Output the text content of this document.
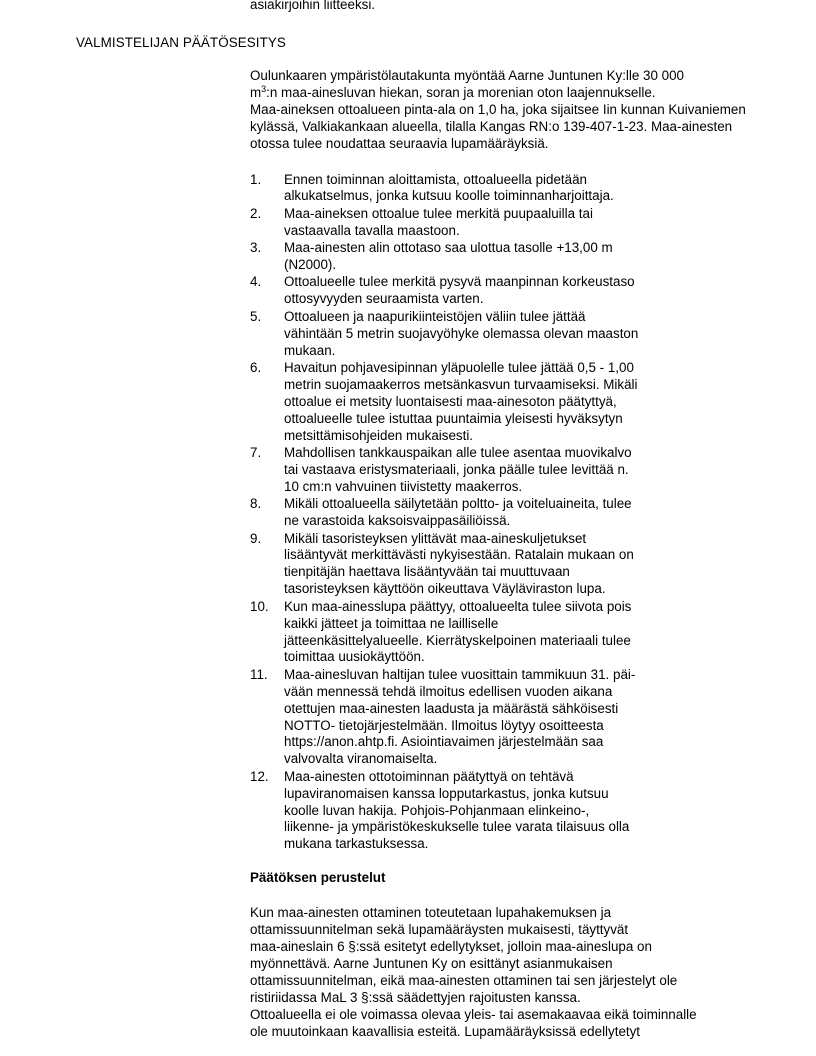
asiakirjoihin liitteeksi.
VALMISTELIJAN PÄÄTÖSESITYS

Oulunkaaren ympäristölautakunta myöntää Aarne Juntunen Ky:lle 30 000

$m^3:n$ maa-ainesluvan hiekan, soran ja morenian oton laajennukselle.

Maa-aineksen ottoalueen pinta-ala on 1,0 ha, joka sijaitsee Iin kunnan Kuivaniemen kylässä, Valkiakankaan alueella, tilalla Kangas RN:o 139-407-1-23. Maa-ainesten otossa tulee noudattaa seuraavia lupamääräyksiä.

1.	Ennen toiminnan aloittamista, ottoalueella pidetään
alkukatselmus, jonka kutsuu koolle toiminnanharjoittaja.
2.	Maa-aineksen ottoalue tulee merkitä puupaaluilla tai
vastaavalla tavalla maastoon.
3.	Maa-ainesten alin ottotaso saa ulottua tasolle +13,00 m
(N2000).
4.	Ottoalueelle tulee merkitä pysyvä maanpinnan korkeustaso
ottosyvyyden seuraamista varten.
5.	Ottoalueen ja naapurikiinteistöjen väliin tulee jättää
vähintään 5 metrin suojavyöhyke olemassa olevan maaston
mukaan.
6.	Havaitun pohjavesipinnan yläpuolelle tulee jättää 0,5 - 1,00
metrin suojamaakerros metsänkasvun turvaamiseksi. Mikäli
ottoalue ei metsity luontaisesti maa-ainesoton päätyttyä,
ottoalueelle tulee istuttaa puuntaimia yleisesti hyväksytyn
metsittämisohjeiden mukaisesti.
7.	Mahdollisen tankkauspaikan alle tulee asentaa muovikalvo
tai vastaava eristysmateriaali, jonka päälle tulee levittää n.
10 cm:n vahvuinen tiivistetty maakerros.
8.	Mikäli ottoalueella säilytetään poltto- ja voiteluaineita, tulee
ne varastoida kaksoisvaippasäiliöissä.
9.	Mikäli tasoristeyksen ylittävät maa-aineskuljetukset
lisääntyvät merkittävästi nykyisestään. Ratalain mukaan on
tienpitäjän haettava lisääntyvään tai muuttuvaan
tasoristeyksen käyttöön oikeuttava Väyläviraston lupa.
10.	Kun maa-ainesslupa päättyy, ottoalueelta tulee siivota pois
kaikki jätteet ja toimittaa ne lailliselle
jätteenkäsittelyalueelle. Kierrätyskelpoinen materiaali tulee
toimittaa uusiokäyttöön.
11.	Maa-ainesluvan haltijan tulee vuosittain tammikuun 31. päi-
vään mennessä tehdä ilmoitus edellisen vuoden aikana
otettujen maa-ainesten laadusta ja määrästä sähköisesti
NOTTO- tietojärjestelmään. Ilmoitus löytyy osoitteesta
https://anon.ahtp.fi. Asiointiavaimen järjestelmään saa
valvovalta viranomaiselta.
12.	Maa-ainesten ottotoiminnan päätyttyä on tehtävä
lupaviranomaisen kanssa lopputarkastus, jonka kutsuu
koolle luvan hakija. Pohjois-Pohjanmaan elinkeino-,
liikenne- ja ympäristökeskukselle tulee varata tilaisuus olla
mukana tarkastuksessa.
Päätöksen perustelut
Kun maa-ainesten ottaminen toteutetaan lupahakemuksen ja
ottamissuunnitelman sekä lupamääräysten mukaisesti, täyttyvät
maa-aineslain 6 §:ssä esitetyt edellytykset, jolloin maa-aineslupa on
myönnettävä. Aarne Juntunen Ky on esittänyt asianmukaisen
ottamissuunnitelman, eikä maa-ainesten ottaminen tai sen järjestelyt ole
ristiriidassa MaL 3 §:ssä säädettyjen rajoitusten kanssa.
Ottoalueella ei ole voimassa olevaa yleis- tai asemakaavaa eikä toiminnalle
ole muutoinkaan kaavallisia esteitä. Lupamääräyksissä edellytetyt
